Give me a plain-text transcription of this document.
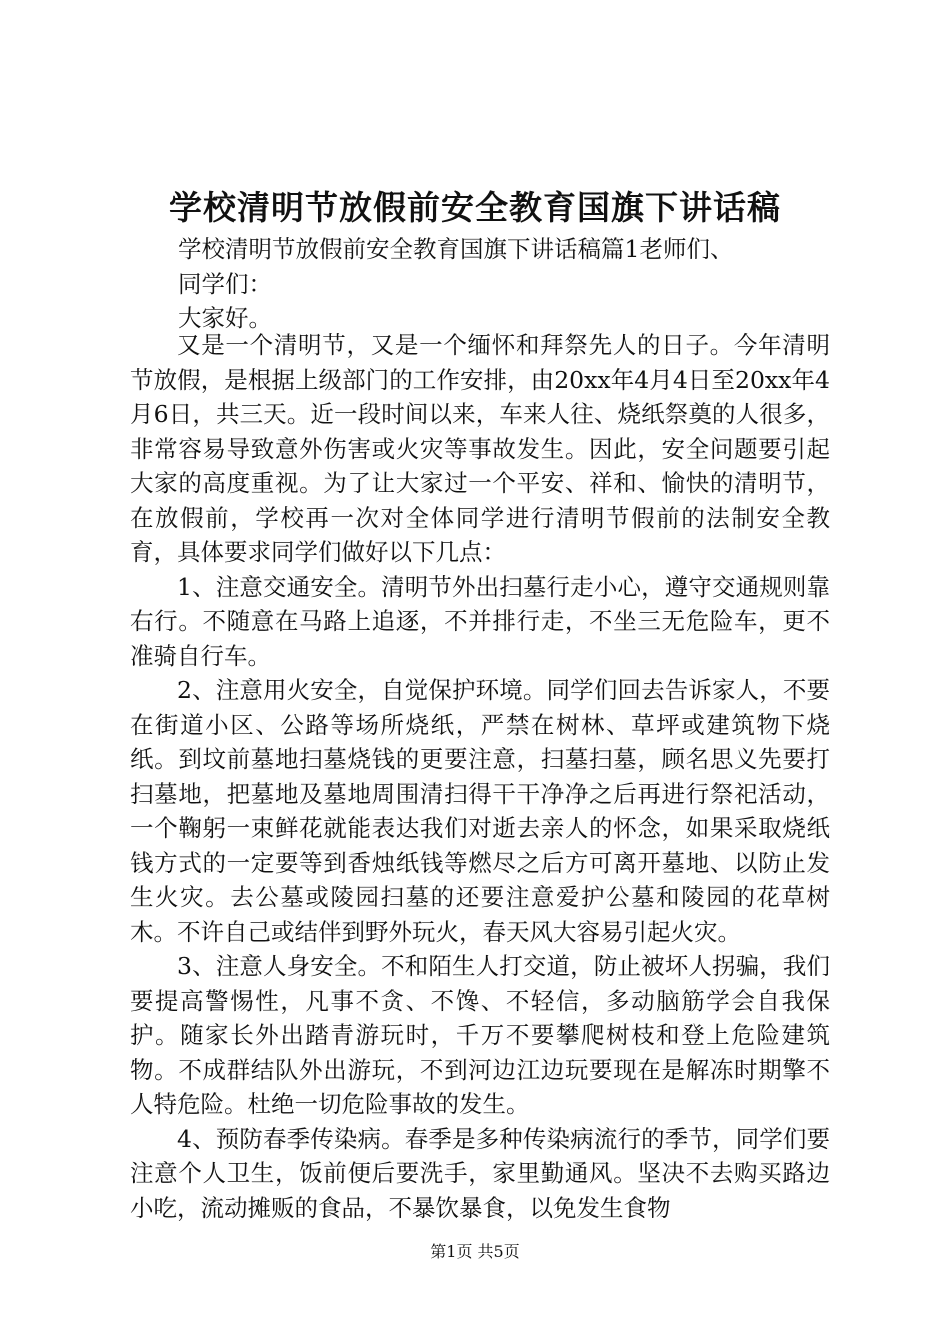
学校清明节放假前安全教育国旗下讲话稿
学校清明节放假前安全教育国旗下讲话稿篇1老师们、
同学们：
大家好。

又是一个清明节，又是一个缅怀和拜祭先人的日子。今年清明节放假，是根据上级部门的工作安排，由20xx年4月4日至20xx年4月6日，共三天。近一段时间以来，车来人往、烧纸祭奠的人很多，非常容易导致意外伤害或火灾等事故发生。因此，安全问题要引起大家的高度重视。为了让大家过一个平安、祥和、愉快的清明节，在放假前，学校再一次对全体同学进行清明节假前的法制安全教育，具体要求同学们做好以下几点：

1、注意交通安全。清明节外出扫墓行走小心，遵守交通规则靠右行。不随意在马路上追逐，不并排行走，不坐三无危险车，更不准骑自行车。

2、注意用火安全，自觉保护环境。同学们回去告诉家人，不要在街道小区、公路等场所烧纸，严禁在树林、草坪或建筑物下烧纸。到坟前墓地扫墓烧钱的更要注意，扫墓扫墓，顾名思义先要打扫墓地，把墓地及墓地周围清扫得干干净净之后再进行祭祀活动，一个鞠躬一束鲜花就能表达我们对逝去亲人的怀念，如果采取烧纸钱方式的一定要等到香烛纸钱等燃尽之后方可离开墓地、以防止发生火灾。去公墓或陵园扫墓的还要注意爱护公墓和陵园的花草树木。不许自己或结伴到野外玩火，春天风大容易引起火灾。

3、注意人身安全。不和陌生人打交道，防止被坏人拐骗，我们要提高警惕性，凡事不贪、不馋、不轻信，多动脑筋学会自我保护。随家长外出踏青游玩时，千万不要攀爬树枝和登上危险建筑物。不成群结队外出游玩，不到河边江边玩要现在是解冻时期擎不人特危险。杜绝一切危险事故的发生。

4、预防春季传染病。春季是多种传染病流行的季节，同学们要注意个人卫生，饭前便后要洗手，家里勤通风。坚决不去购买路边小吃，流动摊贩的食品，不暴饮暴食，以免发生食物

第1页 共5页
